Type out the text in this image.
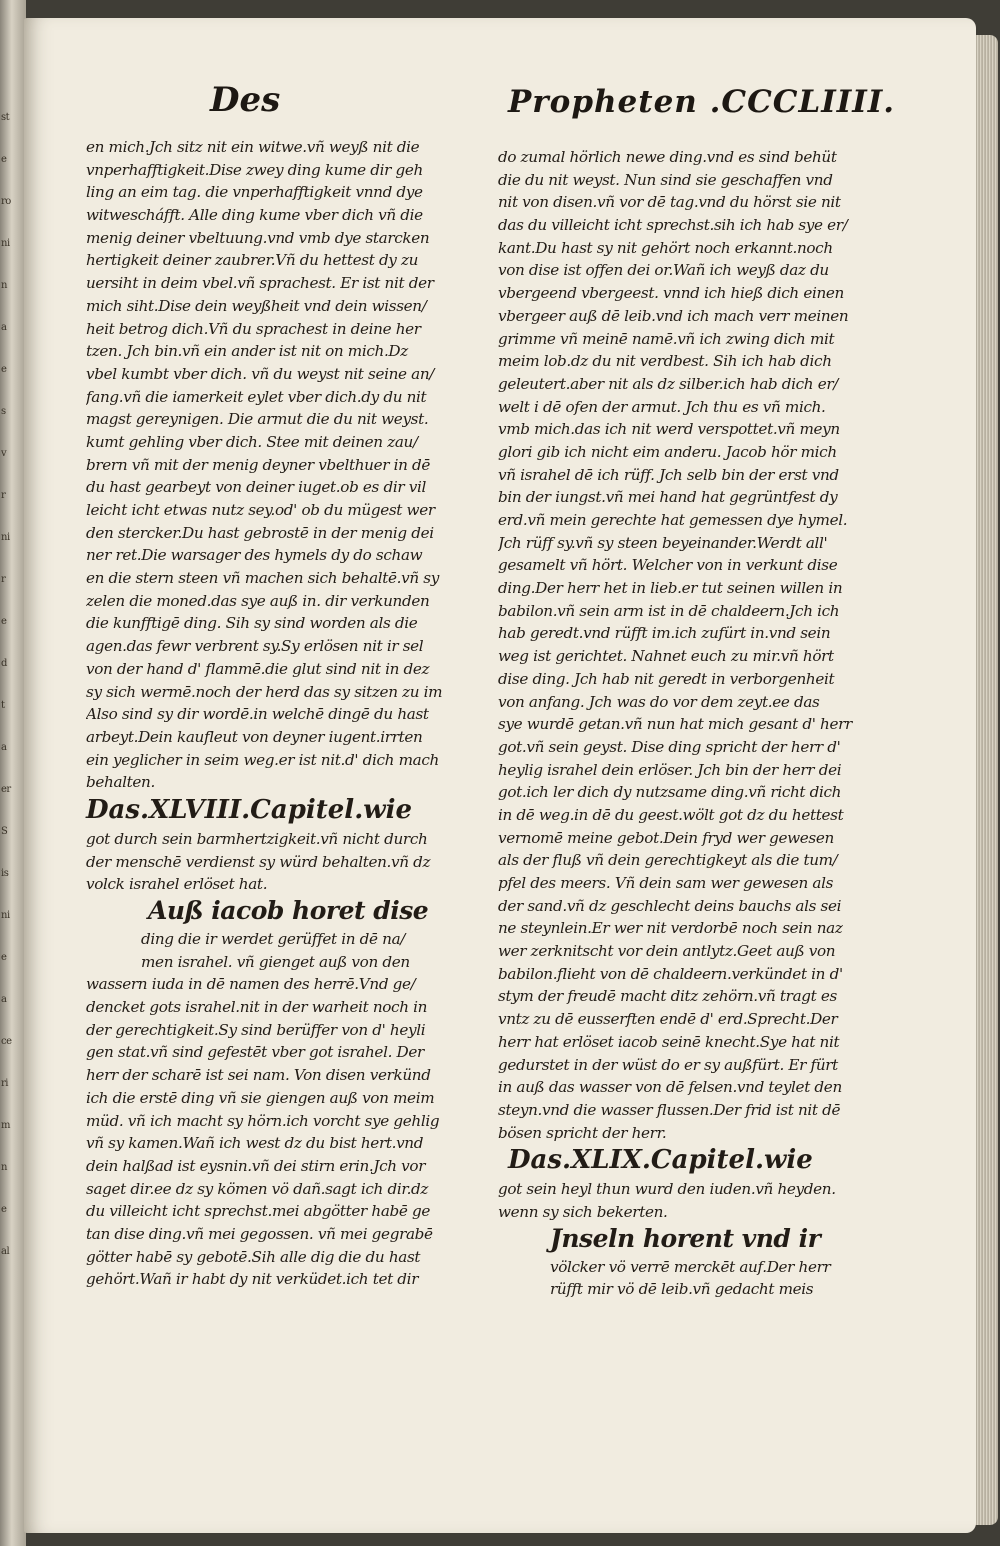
st
e
ro
ni
n
a
e
s
v
r
ni
r
e
d
t
a
er
S
is
ni
e
a
ce
ri
m
n
e
al
Des	Propheten .CCCLIIII.
en mich.Jch sitz nit ein witwe.vñ weyß nit die
vnperhafftigkeit.Dise zwey ding kume dir geh
ling an eim tag. die vnperhafftigkeit vnnd dye
witwescháfft. Alle ding kume vber dich vñ die
menig deiner vbeltuung.vnd vmb dye starcken
hertigkeit deiner zaubrer.Vñ du hettest dy zu
uersiht in deim vbel.vñ sprachest. Er ist nit der
mich siht.Dise dein weyßheit vnd dein wissen/
heit betrog dich.Vñ du sprachest in deine her
tzen. Jch bin.vñ ein ander ist nit on mich.Dz
vbel kumbt vber dich. vñ du weyst nit seine an/
fang.vñ die iamerkeit eylet vber dich.dy du nit
magst gereynigen. Die armut die du nit weyst.
kumt gehling vber dich. Stee mit deinen zau/
brern vñ mit der menig deyner vbelthuer in dē
du hast gearbeyt von deiner iuget.ob es dir vil
leicht icht etwas nutz sey.od' ob du mügest wer
den stercker.Du hast gebrostē in der menig dei
ner ret.Die warsager des hymels dy do schaw
en die stern steen vñ machen sich behaltē.vñ sy
zelen die moned.das sye auß in. dir verkunden
die kunfftigē ding. Sih sy sind worden als die
agen.das fewr verbrent sy.Sy erlösen nit ir sel
von der hand d' flammē.die glut sind nit in dez
sy sich wermē.noch der herd das sy sitzen zu im
Also sind sy dir wordē.in welchē dingē du hast
arbeyt.Dein kaufleut von deyner iugent.irrten
ein yeglicher in seim weg.er ist nit.d' dich mach
behalten.
Das.XLVIII.Capitel.wie
got durch sein barmhertzigkeit.vñ nicht durch
der menschē verdienst sy würd behalten.vñ dz
volck israhel erlöset hat.
Auß iacob horet dise
ding die ir werdet gerüffet in dē na/
men israhel. vñ gienget auß von den
wassern iuda in dē namen des herrē.Vnd ge/
dencket gots israhel.nit in der warheit noch in
der gerechtigkeit.Sy sind berüffer von d' heyli
gen stat.vñ sind gefestēt vber got israhel. Der
herr der scharē ist sei nam. Von disen verkünd
ich die erstē ding vñ sie giengen auß von meim
müd. vñ ich macht sy hörn.ich vorcht sye gehlig
vñ sy kamen.Wañ ich west dz du bist hert.vnd
dein halßad ist eysnin.vñ dei stirn erin.Jch vor
saget dir.ee dz sy kömen vö dañ.sagt ich dir.dz
du villeicht icht sprechst.mei abgötter habē ge
tan dise ding.vñ mei gegossen. vñ mei gegrabē
götter habē sy gebotē.Sih alle dig die du hast
gehört.Wañ ir habt dy nit verküdet.ich tet dir
do zumal hörlich newe ding.vnd es sind behüt
die du nit weyst. Nun sind sie geschaffen vnd
nit von disen.vñ vor dē tag.vnd du hörst sie nit
das du villeicht icht sprechst.sih ich hab sye er/
kant.Du hast sy nit gehört noch erkannt.noch
von dise ist offen dei or.Wañ ich weyß daz du
vbergeend vbergeest. vnnd ich hieß dich einen
vbergeer auß dē leib.vnd ich mach verr meinen
grimme vñ meinē namē.vñ ich zwing dich mit
meim lob.dz du nit verdbest. Sih ich hab dich
geleutert.aber nit als dz silber.ich hab dich er/
welt i dē ofen der armut. Jch thu es vñ mich.
vmb mich.das ich nit werd verspottet.vñ meyn
glori gib ich nicht eim anderu. Jacob hör mich
vñ israhel dē ich rüff. Jch selb bin der erst vnd
bin der iungst.vñ mei hand hat gegrüntfest dy
erd.vñ mein gerechte hat gemessen dye hymel.
Jch rüff sy.vñ sy steen beyeinander.Werdt all'
gesamelt vñ hört. Welcher von in verkunt dise
ding.Der herr het in lieb.er tut seinen willen in
babilon.vñ sein arm ist in dē chaldeern.Jch ich
hab geredt.vnd rüfft im.ich zufürt in.vnd sein
weg ist gerichtet. Nahnet euch zu mir.vñ hört
dise ding. Jch hab nit geredt in verborgenheit
von anfang. Jch was do vor dem zeyt.ee das
sye wurdē getan.vñ nun hat mich gesant d' herr
got.vñ sein geyst. Dise ding spricht der herr d'
heylig israhel dein erlöser. Jch bin der herr dei
got.ich ler dich dy nutzsame ding.vñ richt dich
in dē weg.in dē du geest.wölt got dz du hettest
vernomē meine gebot.Dein fryd wer gewesen
als der fluß vñ dein gerechtigkeyt als die tum/
pfel des meers. Vñ dein sam wer gewesen als
der sand.vñ dz geschlecht deins bauchs als sei
ne steynlein.Er wer nit verdorbē noch sein naz
wer zerknitscht vor dein antlytz.Geet auß von
babilon.flieht von dē chaldeern.verkündet in d'
stym der freudē macht ditz zehörn.vñ tragt es
vntz zu dē eusserften endē d' erd.Sprecht.Der
herr hat erlöset iacob seinē knecht.Sye hat nit
gedurstet in der wüst do er sy außfürt. Er fürt
in auß das wasser von dē felsen.vnd teylet den
steyn.vnd die wasser flussen.Der frid ist nit dē
bösen spricht der herr.
Das.XLIX.Capitel.wie
got sein heyl thun wurd den iuden.vñ heyden.
wenn sy sich bekerten.
Jnseln horent vnd ir
völcker vö verrē merckēt auf.Der herr
rüfft mir vö dē leib.vñ gedacht meis
